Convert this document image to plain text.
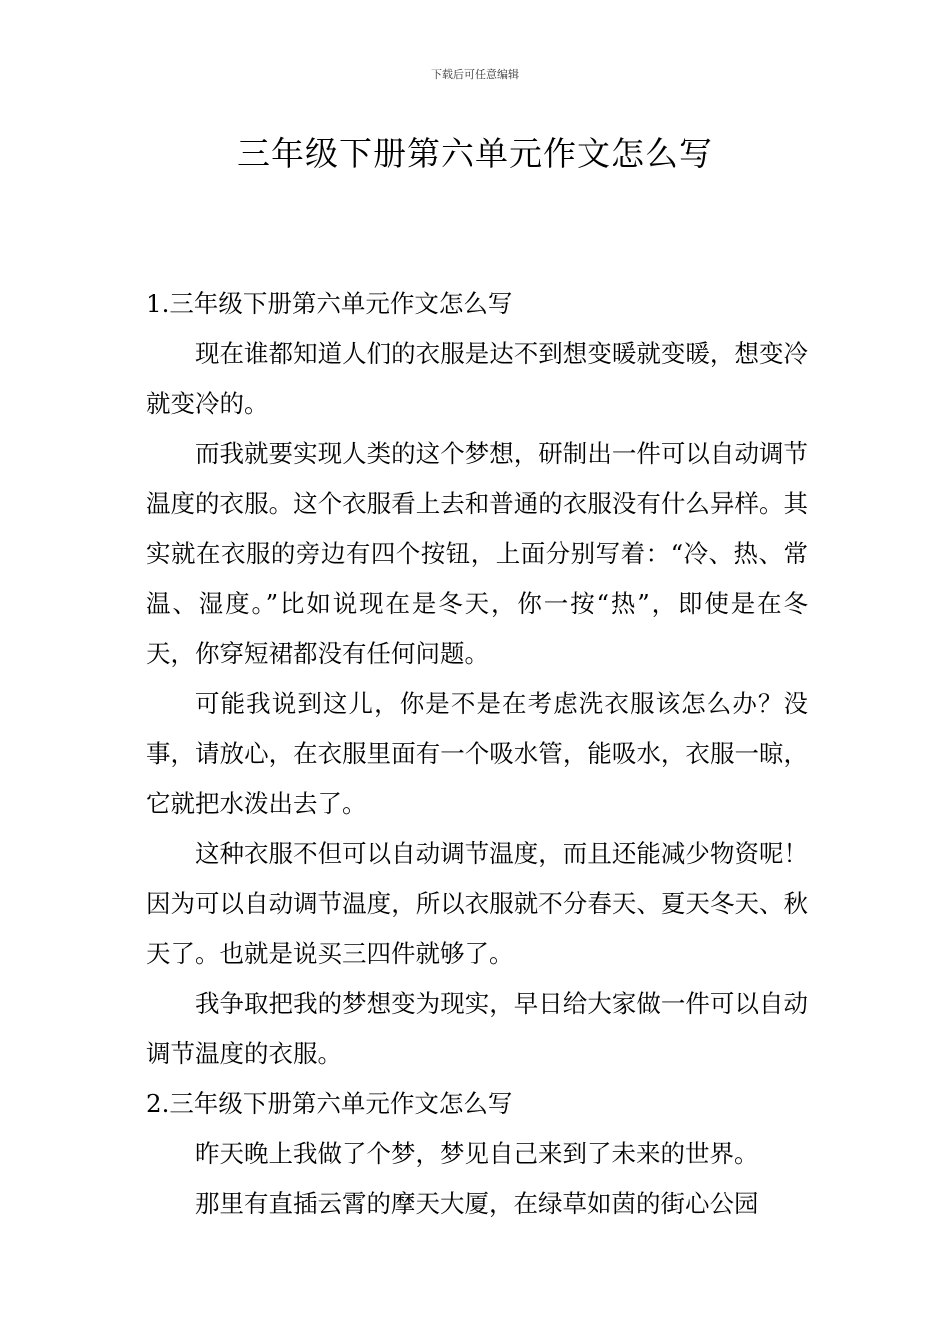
下载后可任意编辑
三年级下册第六单元作文怎么写
1.三年级下册第六单元作文怎么写

现在谁都知道人们的衣服是达不到想变暖就变暖，想变冷就变冷的。

而我就要实现人类的这个梦想，研制出一件可以自动调节温度的衣服。这个衣服看上去和普通的衣服没有什么异样。其实就在衣服的旁边有四个按钮，上面分别写着：“冷、热、常温、湿度。”比如说现在是冬天，你一按“热”，即使是在冬天，你穿短裙都没有任何问题。

可能我说到这儿，你是不是在考虑洗衣服该怎么办？没事，请放心，在衣服里面有一个吸水管，能吸水，衣服一晾，它就把水泼出去了。

这种衣服不但可以自动调节温度，而且还能减少物资呢！因为可以自动调节温度，所以衣服就不分春天、夏天冬天、秋天了。也就是说买三四件就够了。

我争取把我的梦想变为现实，早日给大家做一件可以自动调节温度的衣服。

2.三年级下册第六单元作文怎么写

昨天晚上我做了个梦，梦见自己来到了未来的世界。

那里有直插云霄的摩天大厦，在绿草如茵的街心公园
